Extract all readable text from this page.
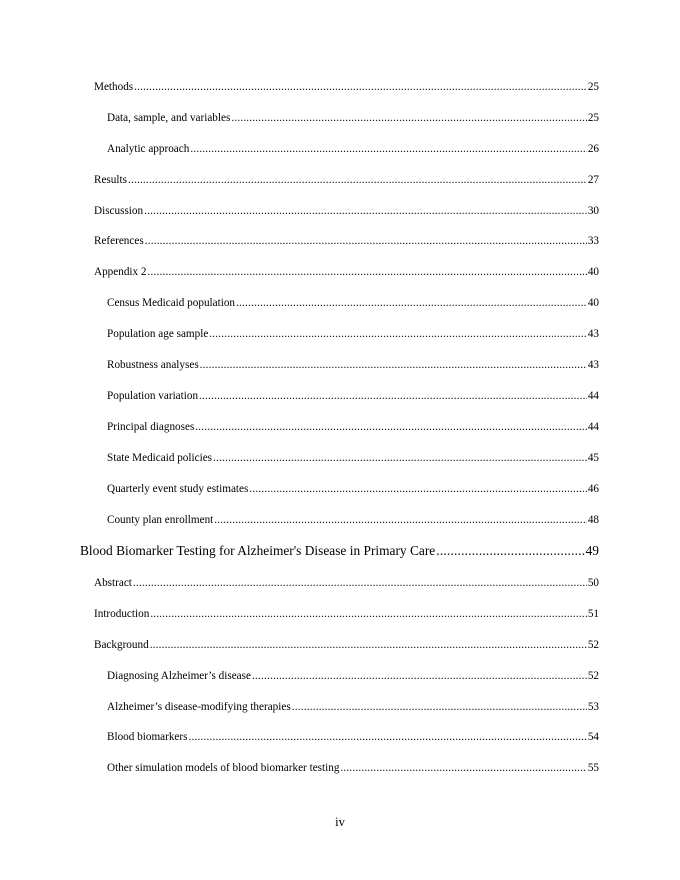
Methods .....	25
Data, sample, and variables .....	25
Analytic approach .....	26
Results .....	27
Discussion .....	30
References .....	33
Appendix 2 .....	40
Census Medicaid population .....	40
Population age sample .....	43
Robustness analyses .....	43
Population variation .....	44
Principal diagnoses .....	44
State Medicaid policies .....	45
Quarterly event study estimates .....	46
County plan enrollment .....	48
Blood Biomarker Testing for Alzheimer's Disease in Primary Care .....	49
Abstract .....	50
Introduction .....	51
Background .....	52
Diagnosing Alzheimer’s disease .....	52
Alzheimer’s disease-modifying therapies .....	53
Blood biomarkers .....	54
Other simulation models of blood biomarker testing .....	55
iv
